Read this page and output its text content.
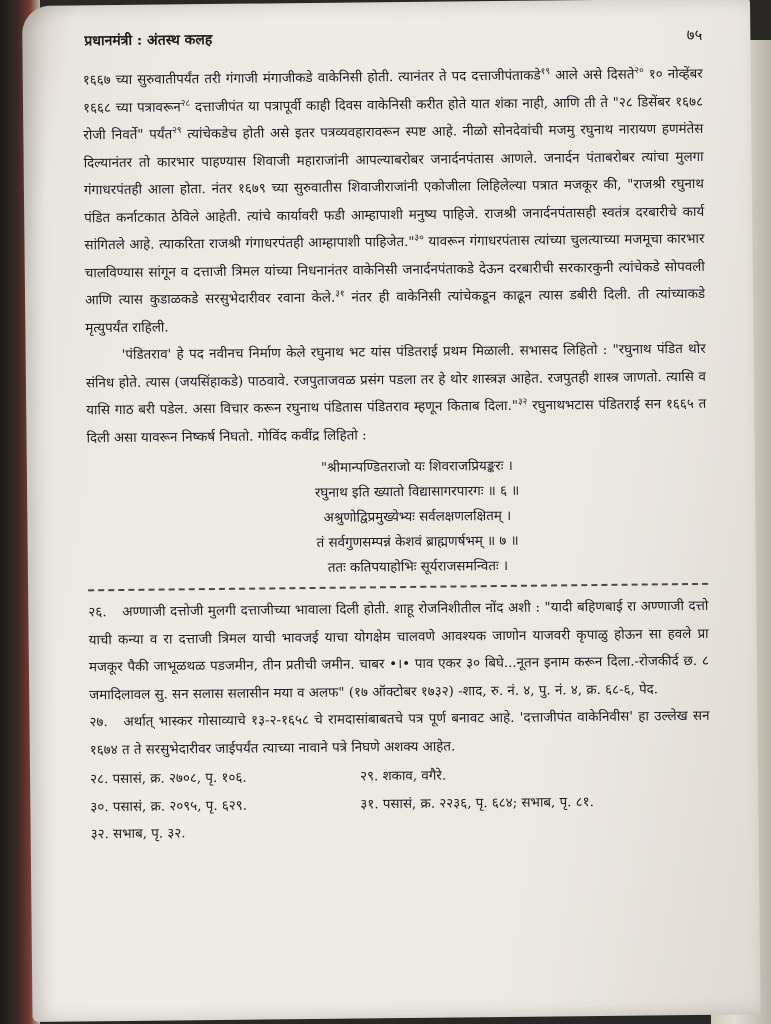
प्रधानमंत्री : अंतस्थ कलह	७५

१६६७ च्या सुरुवातीपर्यंत तरी गंगाजी मंगाजीकडे वाकेनिसी होती. त्यानंतर ते पद दत्ताजीपंताकडे$^{१९}$ आले असे दिसते$^{२०}$ १० नोव्हेंबर १६६८ च्या पत्रावरून$^{२८}$ दत्ताजीपंत या पत्रापूर्वी काही दिवस वाकेनिसी करीत होते यात शंका नाही, आणि ती ते "२८ डिसेंबर १६७८ रोजी निवर्ते" पर्यंत$^{२९}$ त्यांचेकडेच होती असे इतर पत्रव्यवहारावरून स्पष्ट आहे. नीळो सोनदेवांची मजमु रघुनाथ नारायण हणमंतेस दिल्यानंतर तो कारभार पाहण्यास शिवाजी महाराजांनी आपल्याबरोबर जनार्दनपंतास आणले. जनार्दन पंताबरोबर त्यांचा मुलगा गंगाधरपंतही आला होता. नंतर १६७९ च्या सुरुवातीस शिवाजीराजांनी एकोजीला लिहिलेल्या पत्रात मजकूर की, "राजश्री रघुनाथ पंडित कर्नाटकात ठेविले आहेती. त्यांचे कार्यावरी फडी आम्हापाशी मनुष्य पाहिजे. राजश्री जनार्दनपंतासही स्वतंत्र दरबारीचे कार्य सांगितले आहे. त्याकरिता राजश्री गंगाधरपंतही आम्हापाशी पाहिजेत."$^{३०}$ यावरून गंगाधरपंतास त्यांच्या चुलत्याच्या मजमूचा कारभार चालविण्यास सांगून व दत्ताजी त्रिमल यांच्या निधनानंतर वाकेनिसी जनार्दनपंताकडे देऊन दरबारीची सरकारकुनी त्यांचेकडे सोपवली आणि त्यास कुडाळकडे सरसुभेदारीवर रवाना केले.$^{३१}$ नंतर ही वाकेनिसी त्यांचेकडून काढून त्यास डबीरी दिली. ती त्यांच्याकडे मृत्युपर्यंत राहिली.

'पंडितराव' हे पद नवीनच निर्माण केले रघुनाथ भट यांस पंडितराई प्रथम मिळाली. सभासद लिहितो : "रघुनाथ पंडित थोर संनिध होते. त्यास (जयसिंहाकडे) पाठवावे. रजपुताजवळ प्रसंग पडला तर हे थोर शास्त्रज्ञ आहेत. रजपुतही शास्त्र जाणतो. त्यासि व यासि गाठ बरी पडेल. असा विचार करून रघुनाथ पंडितास पंडितराव म्हणून किताब दिला."$^{३२}$ रघुनाथभटास पंडितराई सन १६६५ त दिली असा यावरून निष्कर्ष निघतो. गोविंद कवींद्र लिहितो :

"श्रीमान्पण्डितराजो यः शिवराजप्रियङ्करः ।
रघुनाथ इति ख्यातो विद्यासागरपारगः ॥ ६ ॥
अश्रुणोद्विप्रमुख्येभ्यः सर्वलक्षणलक्षितम् ।
तं सर्वगुणसम्पन्नं केशवं ब्राह्मणर्षभम् ॥ ७ ॥
ततः कतिपयाहोभिः सूर्यराजसमन्वितः ।

२६. अण्णाजी दत्तोजी मुलगी दत्ताजीच्या भावाला दिली होती. शाहू रोजनिशीतील नोंद अशी : "यादी बहिणबाई रा अण्णाजी दत्तो याची कन्या व रा दत्ताजी त्रिमल याची भावजई याचा योगक्षेम चालवणे आवश्यक जाणोन याजवरी कृपाळु होऊन सा हवले प्रा मजकूर पैकी जाभूळथळ पडजमीन, तीन प्रतीची जमीन. चाबर •।• पाव एकर ३० बिघे...नूतन इनाम करून दिला.-रोजकीर्द छ. ८ जमादिलावल सु. सन सलास सलासीन मया व अलफ" (१७ ऑक्टोबर १७३२) -शाद, रु. नं. ४, पु. नं. ४, क्र. ६८-६, पेद.

२७. अर्थात् भास्कर गोसाव्याचे १३-२-१६५८ चे रामदासांबाबतचे पत्र पूर्ण बनावट आहे. 'दत्ताजीपंत वाकेनिवीस' हा उल्लेख सन १६७४ त ते सरसुभेदारीवर जाईपर्यंत त्याच्या नावाने पत्रे निघणे अशक्य आहेत.

२८. पसासं, क्र. २७०८, पृ. १०६.	२९. शकाव, वगैरे.
३०. पसासं, क्र. २०९५, पृ. ६२९.	३१. पसासं, क्र. २२३६, पृ. ६८४; सभाब, पृ. ८१.
३२. सभाब, पृ. ३२.
